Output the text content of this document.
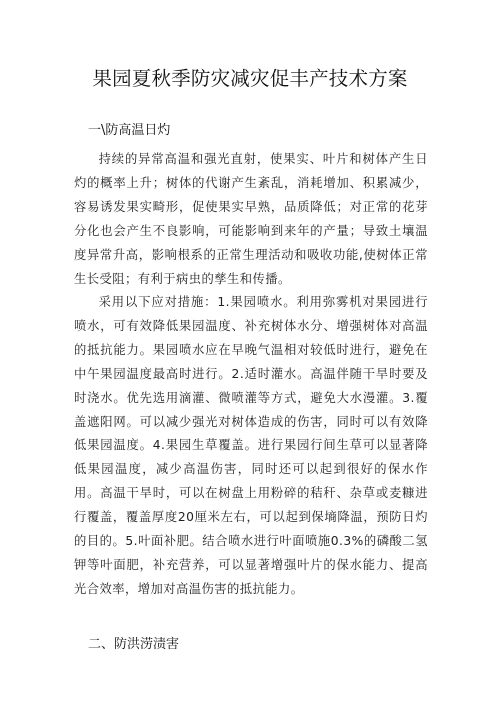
果园夏秋季防灾减灾促丰产技术方案
一\防高温日灼

持续的异常高温和强光直射，使果实、叶片和树体产生日灼的概率上升；树体的代谢产生紊乱，消耗增加、积累减少，容易诱发果实畸形，促使果实早熟，品质降低；对正常的花芽分化也会产生不良影响，可能影响到来年的产量；导致土壤温度异常升高，影响根系的正常生理活动和吸收功能,使树体正常生长受阻；有利于病虫的孳生和传播。

采用以下应对措施：1.果园喷水。利用弥雾机对果园进行喷水，可有效降低果园温度、补充树体水分、增强树体对高温的抵抗能力。果园喷水应在早晚气温相对较低时进行，避免在中午果园温度最高时进行。2.适时灌水。高温伴随干旱时要及时浇水。优先选用滴灌、微喷灌等方式，避免大水漫灌。3.覆盖遮阳网。可以减少强光对树体造成的伤害，同时可以有效降低果园温度。4.果园生草覆盖。进行果园行间生草可以显著降低果园温度，减少高温伤害，同时还可以起到很好的保水作用。高温干旱时，可以在树盘上用粉碎的秸秆、杂草或麦糠进行覆盖，覆盖厚度20厘米左右，可以起到保墒降温，预防日灼的目的。5.叶面补肥。结合喷水进行叶面喷施0.3%的磷酸二氢钾等叶面肥，补充营养，可以显著增强叶片的保水能力、提高光合效率，增加对高温伤害的抵抗能力。

二、防洪涝渍害
